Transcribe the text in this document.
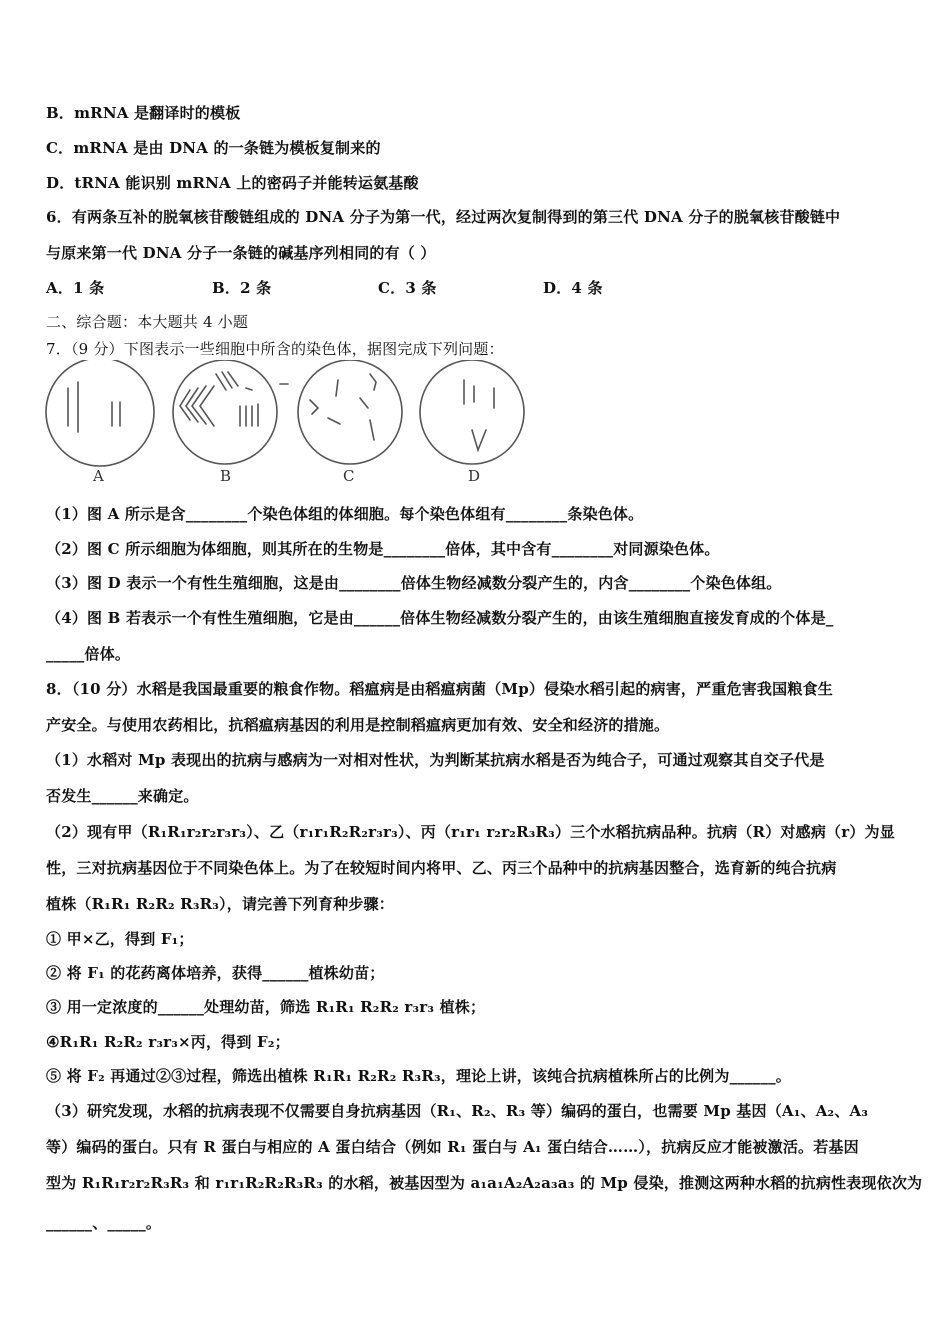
B．mRNA 是翻译时的模板
C．mRNA 是由 DNA 的一条链为模板复制来的
D．tRNA 能识别 mRNA 上的密码子并能转运氨基酸
6．有两条互补的脱氧核苷酸链组成的 DNA 分子为第一代，经过两次复制得到的第三代 DNA 分子的脱氧核苷酸链中
与原来第一代 DNA 分子一条链的碱基序列相同的有（ ）
A．1 条	B．2 条	C．3 条	D．4 条
二、综合题：本大题共 4 小题
7．（9 分）下图表示一些细胞中所含的染色体，据图完成下列问题：
A	B	C	D
（1）图 A 所示是含________个染色体组的体细胞。每个染色体组有________条染色体。
（2）图 C 所示细胞为体细胞，则其所在的生物是________倍体，其中含有________对同源染色体。
（3）图 D 表示一个有性生殖细胞，这是由________倍体生物经减数分裂产生的，内含________个染色体组。
（4）图 B 若表示一个有性生殖细胞，它是由______倍体生物经减数分裂产生的，由该生殖细胞直接发育成的个体是_
_____倍体。
8．（10 分）水稻是我国最重要的粮食作物。稻瘟病是由稻瘟病菌（Mp）侵染水稻引起的病害，严重危害我国粮食生
产安全。与使用农药相比，抗稻瘟病基因的利用是控制稻瘟病更加有效、安全和经济的措施。
（1）水稻对 Mp 表现出的抗病与感病为一对相对性状，为判断某抗病水稻是否为纯合子，可通过观察其自交子代是
否发生______来确定。
（2）现有甲（R₁R₁r₂r₂r₃r₃）、乙（r₁r₁R₂R₂r₃r₃）、丙（r₁r₁ r₂r₂R₃R₃）三个水稻抗病品种。抗病（R）对感病（r）为显
性，三对抗病基因位于不同染色体上。为了在较短时间内将甲、乙、丙三个品种中的抗病基因整合，选育新的纯合抗病
植株（R₁R₁ R₂R₂ R₃R₃），请完善下列育种步骤：
① 甲×乙，得到 F₁；
② 将 F₁ 的花药离体培养，获得______植株幼苗；
③ 用一定浓度的______处理幼苗，筛选 R₁R₁ R₂R₂ r₃r₃ 植株；
④R₁R₁ R₂R₂ r₃r₃×丙，得到 F₂；
⑤ 将 F₂ 再通过②③过程，筛选出植株 R₁R₁ R₂R₂ R₃R₃，理论上讲，该纯合抗病植株所占的比例为______。
（3）研究发现，水稻的抗病表现不仅需要自身抗病基因（R₁、R₂、R₃ 等）编码的蛋白，也需要 Mp 基因（A₁、A₂、A₃
等）编码的蛋白。只有 R 蛋白与相应的 A 蛋白结合（例如 R₁ 蛋白与 A₁ 蛋白结合……），抗病反应才能被激活。若基因
型为 R₁R₁r₂r₂R₃R₃ 和 r₁r₁R₂R₂R₃R₃ 的水稻，被基因型为 a₁a₁A₂A₂a₃a₃ 的 Mp 侵染，推测这两种水稻的抗病性表现依次为
______、_____。
